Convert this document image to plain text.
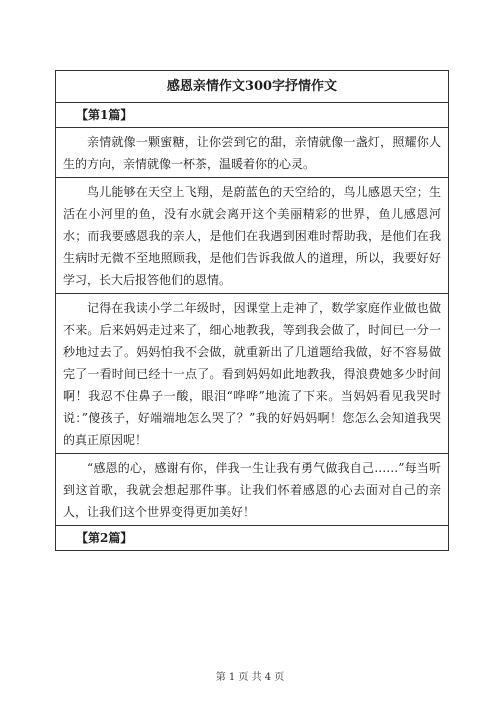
感恩亲情作文300字抒情作文
【第1篇】
亲情就像一颗蜜糖，让你尝到它的甜，亲情就像一盏灯，照耀你人生的方向，亲情就像一杯茶，温暖着你的心灵。
鸟儿能够在天空上飞翔，是蔚蓝色的天空给的，鸟儿感恩天空；生活在小河里的鱼，没有水就会离开这个美丽精彩的世界，鱼儿感恩河水；而我要感恩我的亲人，是他们在我遇到困难时帮助我，是他们在我生病时无微不至地照顾我，是他们告诉我做人的道理，所以，我要好好学习，长大后报答他们的恩情。
记得在我读小学二年级时，因课堂上走神了，数学家庭作业做也做不来。后来妈妈走过来了，细心地教我，等到我会做了，时间已一分一秒地过去了。妈妈怕我不会做，就重新出了几道题给我做，好不容易做完了一看时间已经十一点了。看到妈妈如此地教我，得浪费她多少时间啊！我忍不住鼻子一酸，眼泪“哗哗”地流了下来。当妈妈看见我哭时说：”傻孩子，好端端地怎么哭了？”我的好妈妈啊！您怎么会知道我哭的真正原因呢！
“感恩的心，感谢有你，伴我一生让我有勇气做我自己……”每当听到这首歌，我就会想起那件事。让我们怀着感恩的心去面对自己的亲人，让我们这个世界变得更加美好！
【第2篇】
第 1 页 共 4 页
